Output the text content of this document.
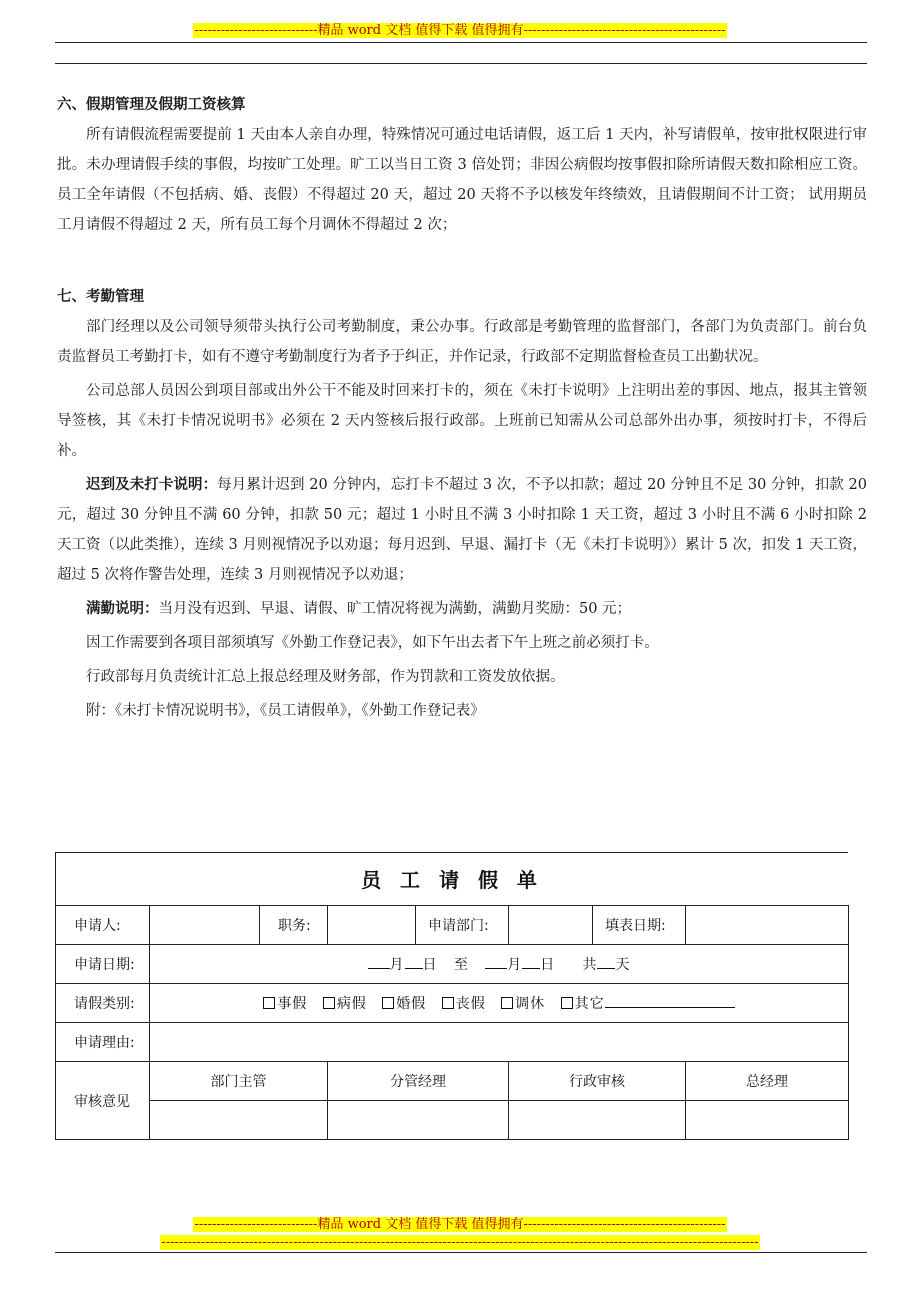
----------------------------精品 word 文档 值得下载 值得拥有----------------------------------------------

六、假期管理及假期工资核算

所有请假流程需要提前 1 天由本人亲自办理，特殊情况可通过电话请假，返工后 1 天内，补写请假单，按审批权限进行审批。未办理请假手续的事假，均按旷工处理。旷工以当日工资 3 倍处罚；非因公病假均按事假扣除所请假天数扣除相应工资。员工全年请假（不包括病、婚、丧假）不得超过 20 天，超过 20 天将不予以核发年终绩效，且请假期间不计工资； 试用期员工月请假不得超过 2 天，所有员工每个月调休不得超过 2 次；

七、考勤管理

部门经理以及公司领导须带头执行公司考勤制度，秉公办事。行政部是考勤管理的监督部门，各部门为负责部门。前台负责监督员工考勤打卡，如有不遵守考勤制度行为者予于纠正，并作记录，行政部不定期监督检查员工出勤状况。

公司总部人员因公到项目部或出外公干不能及时回来打卡的，须在《未打卡说明》上注明出差的事因、地点，报其主管领导签核，其《未打卡情况说明书》必须在 2 天内签核后报行政部。上班前已知需从公司总部外出办事，须按时打卡，不得后补。

迟到及未打卡说明：每月累计迟到 20 分钟内，忘打卡不超过 3 次，不予以扣款；超过 20 分钟且不足 30 分钟，扣款 20 元，超过 30 分钟且不满 60 分钟，扣款 50 元；超过 1 小时且不满 3 小时扣除 1 天工资，超过 3 小时且不满 6 小时扣除 2 天工资（以此类推），连续 3 月则视情况予以劝退；每月迟到、早退、漏打卡（无《未打卡说明》）累计 5 次，扣发 1 天工资，超过 5 次将作警告处理，连续 3 月则视情况予以劝退；

满勤说明：当月没有迟到、早退、请假、旷工情况将视为满勤，满勤月奖励：50 元；

因工作需要到各项目部须填写《外勤工作登记表》，如下午出去者下午上班之前必须打卡。

行政部每月负责统计汇总上报总经理及财务部，作为罚款和工资发放依据。

附：《未打卡情况说明书》，《员工请假单》，《外勤工作登记表》

员 工 请 假 单
申请人:		职务:		申请部门:		填表日期:	
申请日期:	月 日 至 月 日 共 天						
请假类别:	事假 病假 婚假 丧假 调休 其它						
申请理由:							
审核意见	部门主管		分管经理		行政审核		总经理

----------------------------精品 word 文档 值得下载 值得拥有----------------------------------------------
----------------------------------------------------------------------------------------------------------------------------------------
